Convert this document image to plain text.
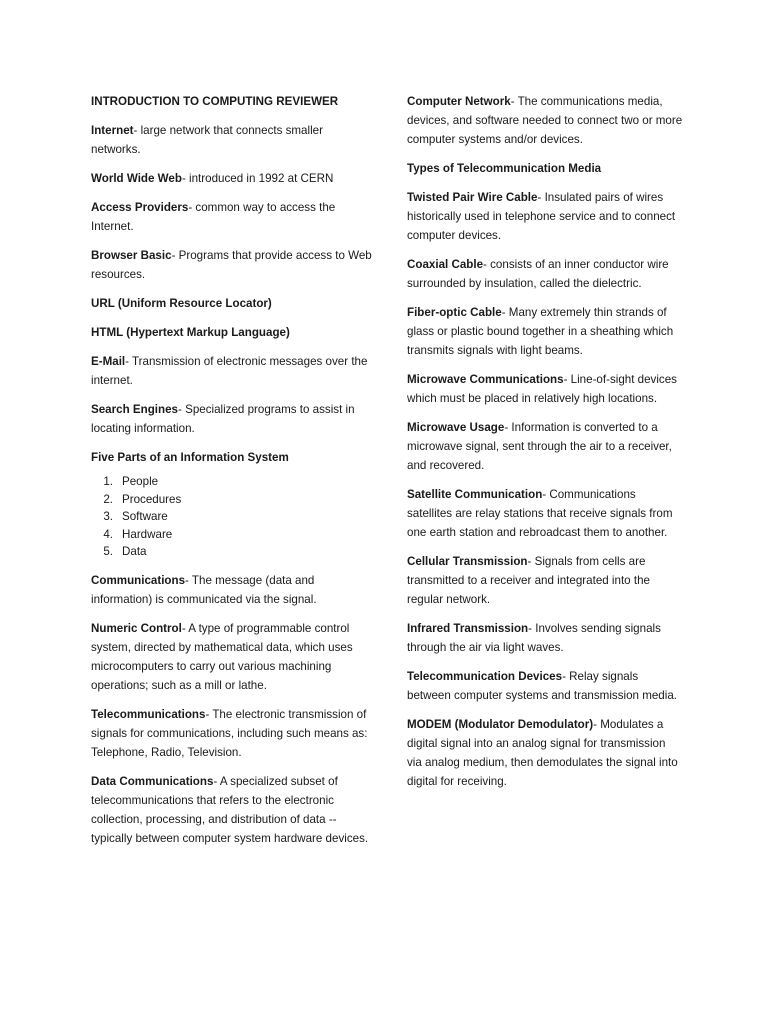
INTRODUCTION TO COMPUTING REVIEWER

Internet- large network that connects smaller networks.

World Wide Web- introduced in 1992 at CERN

Access Providers- common way to access the Internet.

Browser Basic- Programs that provide access to Web resources.

URL (Uniform Resource Locator)

HTML (Hypertext Markup Language)

E-Mail- Transmission of electronic messages over the internet.

Search Engines- Specialized programs to assist in locating information.

Five Parts of an Information System

1. People
2. Procedures
3. Software
4. Hardware
5. Data

Communications- The message (data and information) is communicated via the signal.

Numeric Control- A type of programmable control system, directed by mathematical data, which uses microcomputers to carry out various machining operations; such as a mill or lathe.

Telecommunications- The electronic transmission of signals for communications, including such means as: Telephone, Radio, Television.

Data Communications- A specialized subset of telecommunications that refers to the electronic collection, processing, and distribution of data -- typically between computer system hardware devices.

Computer Network- The communications media, devices, and software needed to connect two or more computer systems and/or devices.

Types of Telecommunication Media

Twisted Pair Wire Cable- Insulated pairs of wires historically used in telephone service and to connect computer devices.

Coaxial Cable- consists of an inner conductor wire surrounded by insulation, called the dielectric.

Fiber-optic Cable- Many extremely thin strands of glass or plastic bound together in a sheathing which transmits signals with light beams.

Microwave Communications- Line-of-sight devices which must be placed in relatively high locations.

Microwave Usage- Information is converted to a microwave signal, sent through the air to a receiver, and recovered.

Satellite Communication- Communications satellites are relay stations that receive signals from one earth station and rebroadcast them to another.

Cellular Transmission- Signals from cells are transmitted to a receiver and integrated into the regular network.

Infrared Transmission- Involves sending signals through the air via light waves.

Telecommunication Devices- Relay signals between computer systems and transmission media.

MODEM (Modulator Demodulator)- Modulates a digital signal into an analog signal for transmission via analog medium, then demodulates the signal into digital for receiving.
